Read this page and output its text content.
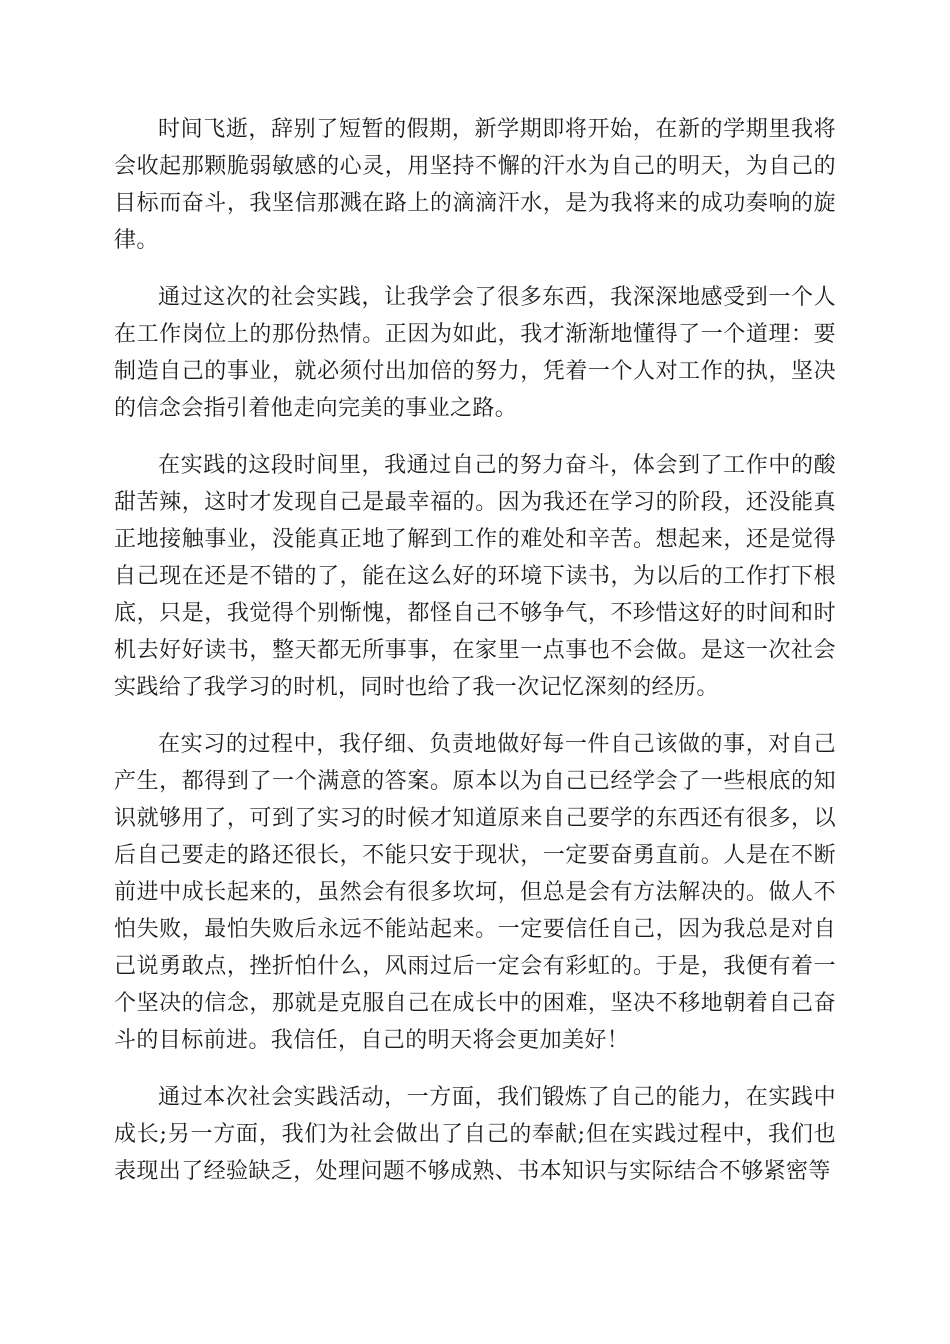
时间飞逝，辞别了短暂的假期，新学期即将开始，在新的学期里我将会收起那颗脆弱敏感的心灵，用坚持不懈的汗水为自己的明天，为自己的目标而奋斗，我坚信那溅在路上的滴滴汗水，是为我将来的成功奏响的旋律。

通过这次的社会实践，让我学会了很多东西，我深深地感受到一个人在工作岗位上的那份热情。正因为如此，我才渐渐地懂得了一个道理：要制造自己的事业，就必须付出加倍的努力，凭着一个人对工作的执，坚决的信念会指引着他走向完美的事业之路。

在实践的这段时间里，我通过自己的努力奋斗，体会到了工作中的酸甜苦辣，这时才发现自己是最幸福的。因为我还在学习的阶段，还没能真正地接触事业，没能真正地了解到工作的难处和辛苦。想起来，还是觉得自己现在还是不错的了，能在这么好的环境下读书，为以后的工作打下根底，只是，我觉得个别惭愧，都怪自己不够争气，不珍惜这好的时间和时机去好好读书，整天都无所事事，在家里一点事也不会做。是这一次社会实践给了我学习的时机，同时也给了我一次记忆深刻的经历。

在实习的过程中，我仔细、负责地做好每一件自己该做的事，对自己产生，都得到了一个满意的答案。原本以为自己已经学会了一些根底的知识就够用了，可到了实习的时候才知道原来自己要学的东西还有很多，以后自己要走的路还很长，不能只安于现状，一定要奋勇直前。人是在不断前进中成长起来的，虽然会有很多坎坷，但总是会有方法解决的。做人不怕失败，最怕失败后永远不能站起来。一定要信任自己，因为我总是对自己说勇敢点，挫折怕什么，风雨过后一定会有彩虹的。于是，我便有着一个坚决的信念，那就是克服自己在成长中的困难，坚决不移地朝着自己奋斗的目标前进。我信任，自己的明天将会更加美好！

通过本次社会实践活动，一方面，我们锻炼了自己的能力，在实践中成长;另一方面，我们为社会做出了自己的奉献;但在实践过程中，我们也表现出了经验缺乏，处理问题不够成熟、书本知识与实际结合不够紧密等
